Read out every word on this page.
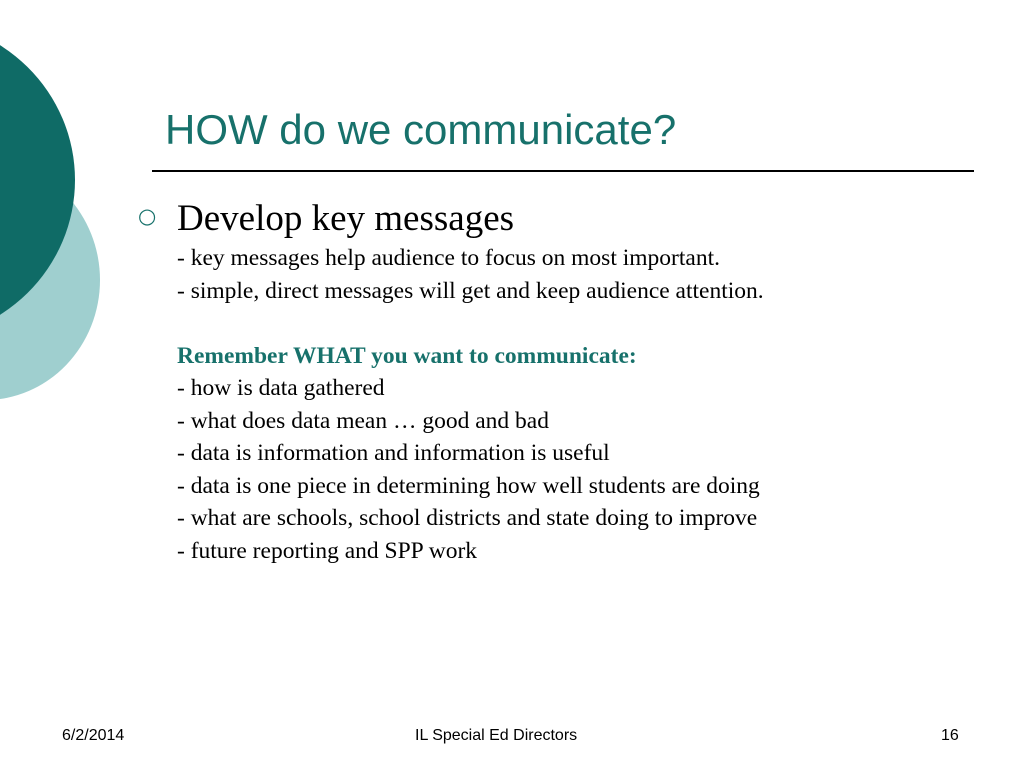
HOW do we communicate?
○ Develop key messages
- key messages help audience to focus on most important.
- simple, direct messages will get and keep audience attention.
Remember WHAT you want to communicate:
- how is data gathered
- what does data mean … good and bad
- data is information and information is useful
- data is one piece in determining how well students are doing
- what are schools, school districts and state doing to improve
- future reporting and SPP work
6/2/2014	IL Special Ed Directors	16
